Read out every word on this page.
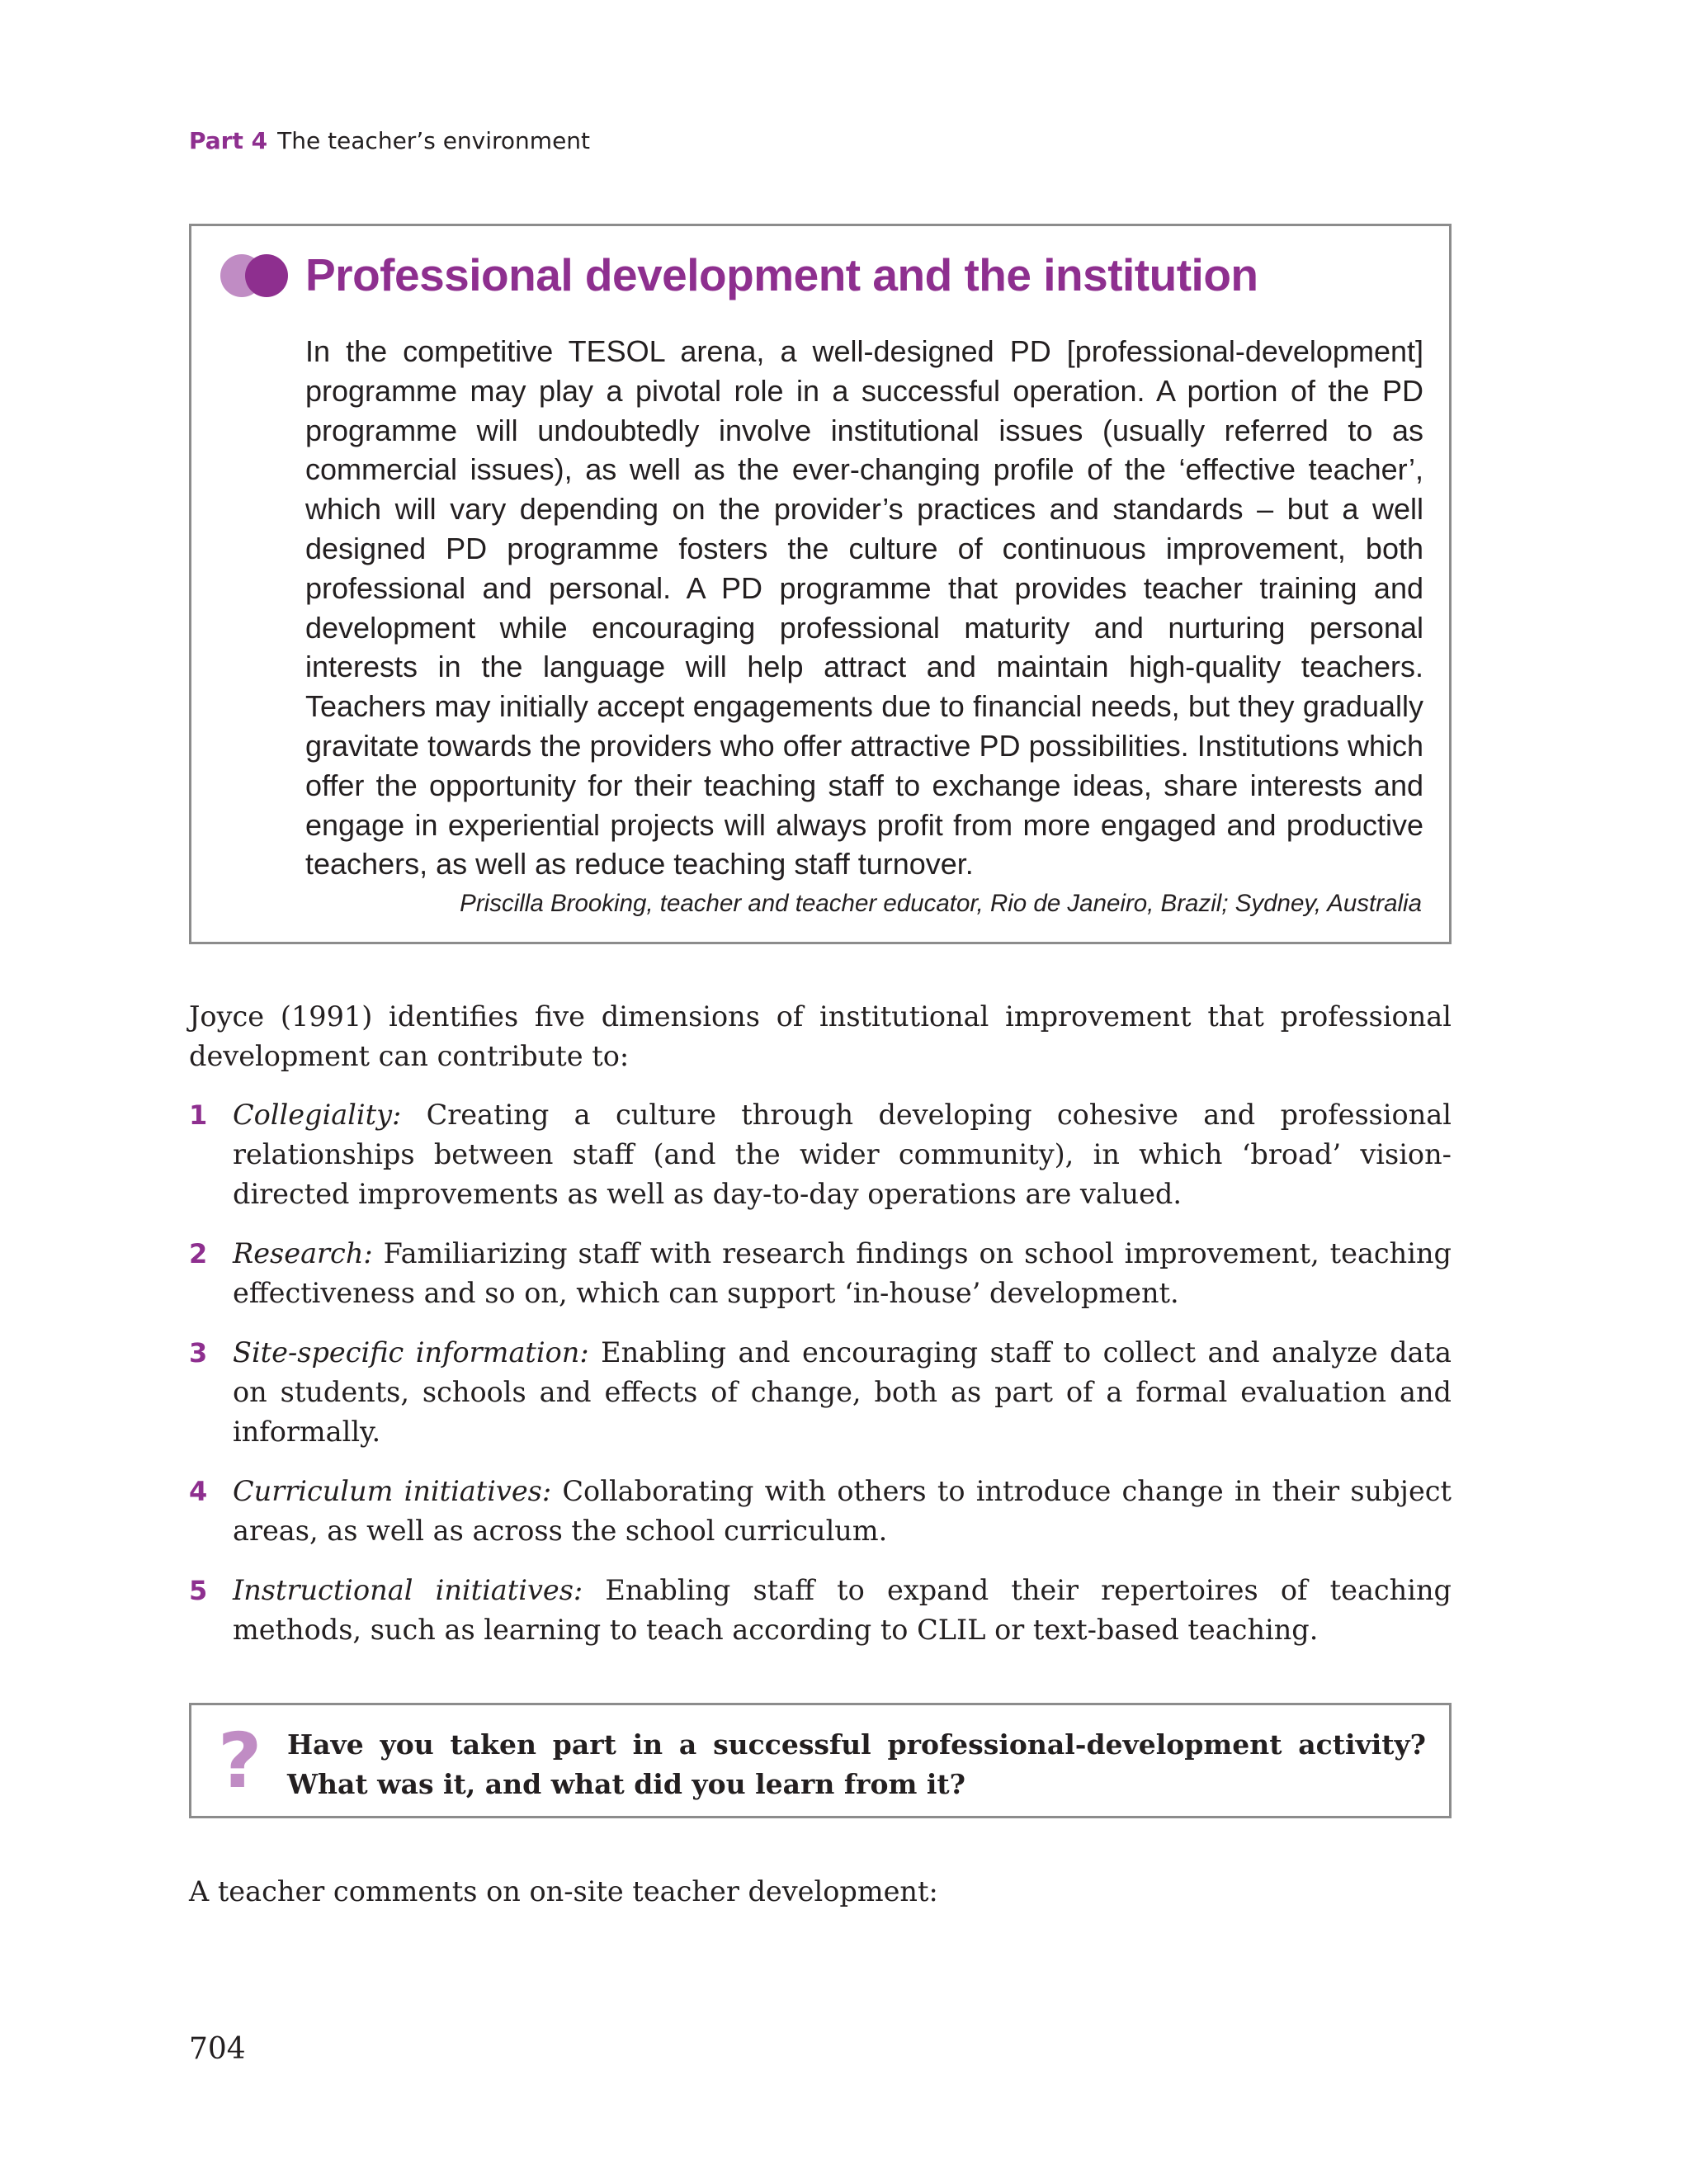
Part 4 The teacher’s environment
Professional development and the institution

In the competitive TESOL arena, a well-designed PD [professional-development] programme may play a pivotal role in a successful operation. A portion of the PD programme will undoubtedly involve institutional issues (usually referred to as commercial issues), as well as the ever-changing profile of the ‘effective teacher’, which will vary depending on the provider’s practices and standards – but a well designed PD programme fosters the culture of continuous improvement, both professional and personal. A PD programme that provides teacher training and development while encouraging professional maturity and nurturing personal interests in the language will help attract and maintain high-quality teachers. Teachers may initially accept engagements due to financial needs, but they gradually gravitate towards the providers who offer attractive PD possibilities. Institutions which offer the opportunity for their teaching staff to exchange ideas, share interests and engage in experiential projects will always profit from more engaged and productive teachers, as well as reduce teaching staff turnover.

Priscilla Brooking, teacher and teacher educator, Rio de Janeiro, Brazil; Sydney, Australia

Joyce (1991) identifies five dimensions of institutional improvement that professional development can contribute to:

1 Collegiality: Creating a culture through developing cohesive and professional relationships between staff (and the wider community), in which ‘broad’ vision-directed improvements as well as day-to-day operations are valued.

2 Research: Familiarizing staff with research findings on school improvement, teaching effectiveness and so on, which can support ‘in-house’ development.

3 Site-specific information: Enabling and encouraging staff to collect and analyze data on students, schools and effects of change, both as part of a formal evaluation and informally.

4 Curriculum initiatives: Collaborating with others to introduce change in their subject areas, as well as across the school curriculum.

5 Instructional initiatives: Enabling staff to expand their repertoires of teaching methods, such as learning to teach according to CLIL or text-based teaching.

? Have you taken part in a successful professional-development activity? What was it, and what did you learn from it?

A teacher comments on on-site teacher development:

704
